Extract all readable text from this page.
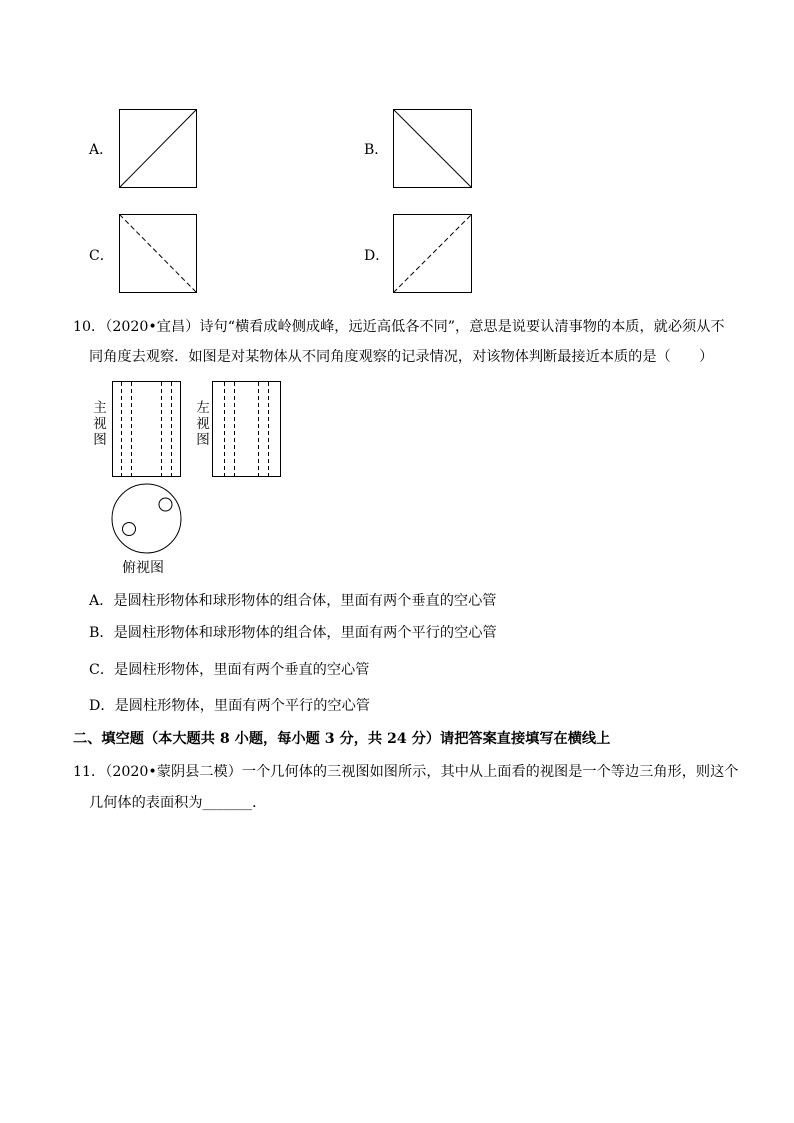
A．	B．
C．	D．
10．（2020•宜昌）诗句“横看成岭侧成峰，远近高低各不同”，意思是说要认清事物的本质，就必须从不
同角度去观察．如图是对某物体从不同角度观察的记录情况，对该物体判断最接近本质的是（　　）
主
视
图
左
视
图
俯视图
A．是圆柱形物体和球形物体的组合体，里面有两个垂直的空心管
B．是圆柱形物体和球形物体的组合体，里面有两个平行的空心管
C．是圆柱形物体，里面有两个垂直的空心管
D．是圆柱形物体，里面有两个平行的空心管
二、填空题（本大题共 8 小题，每小题 3 分，共 24 分）请把答案直接填写在横线上
11．（2020•蒙阴县二模）一个几何体的三视图如图所示，其中从上面看的视图是一个等边三角形，则这个
几何体的表面积为_______．
